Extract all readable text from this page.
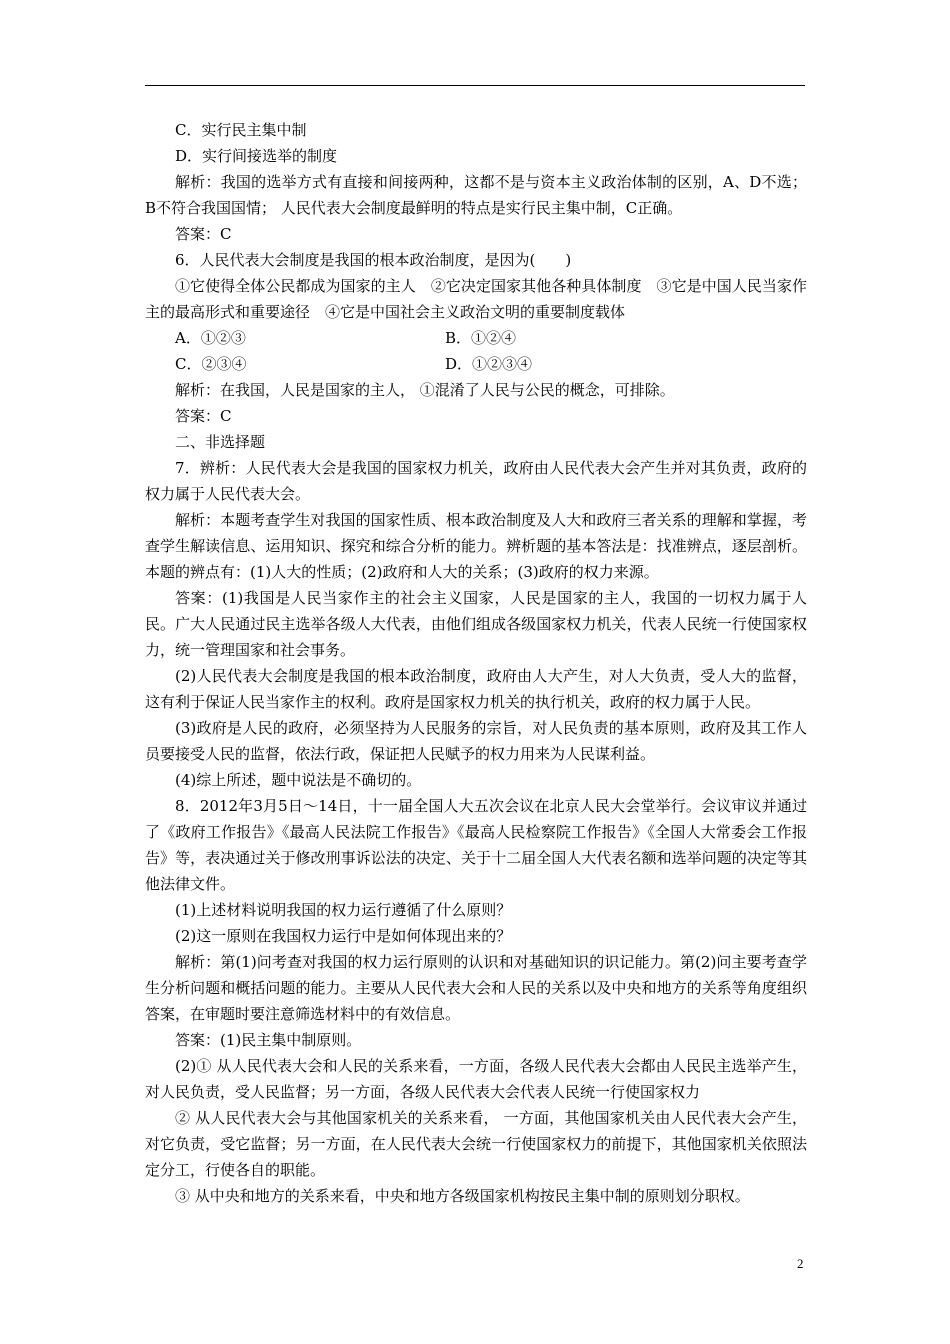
C．实行民主集中制

D．实行间接选举的制度

解析：我国的选举方式有直接和间接两种，这都不是与资本主义政治体制的区别，A、D不选；B不符合我国国情； 人民代表大会制度最鲜明的特点是实行民主集中制，C正确。

答案：C

6．人民代表大会制度是我国的根本政治制度，是因为(　　)

①它使得全体公民都成为国家的主人　②它决定国家其他各种具体制度　③它是中国人民当家作主的最高形式和重要途径　④它是中国社会主义政治文明的重要制度载体

A．①②③	B．①②④
C．②③④	D．①②③④

解析：在我国，人民是国家的主人， ①混淆了人民与公民的概念，可排除。

答案：C

二、非选择题

7．辨析：人民代表大会是我国的国家权力机关，政府由人民代表大会产生并对其负责，政府的权力属于人民代表大会。

解析：本题考查学生对我国的国家性质、根本政治制度及人大和政府三者关系的理解和掌握，考查学生解读信息、运用知识、探究和综合分析的能力。辨析题的基本答法是：找准辨点，逐层剖析。本题的辨点有：(1)人大的性质；(2)政府和人大的关系；(3)政府的权力来源。

答案：(1)我国是人民当家作主的社会主义国家，人民是国家的主人，我国的一切权力属于人民。广大人民通过民主选举各级人大代表，由他们组成各级国家权力机关，代表人民统一行使国家权力，统一管理国家和社会事务。

(2)人民代表大会制度是我国的根本政治制度，政府由人大产生，对人大负责，受人大的监督，这有利于保证人民当家作主的权利。政府是国家权力机关的执行机关，政府的权力属于人民。

(3)政府是人民的政府，必须坚持为人民服务的宗旨，对人民负责的基本原则，政府及其工作人员要接受人民的监督，依法行政，保证把人民赋予的权力用来为人民谋利益。

(4)综上所述，题中说法是不确切的。

8．2012年3月5日～14日，十一届全国人大五次会议在北京人民大会堂举行。会议审议并通过了《政府工作报告》《最高人民法院工作报告》《最高人民检察院工作报告》《全国人大常委会工作报告》等，表决通过关于修改刑事诉讼法的决定、关于十二届全国人大代表名额和选举问题的决定等其他法律文件。

(1)上述材料说明我国的权力运行遵循了什么原则？

(2)这一原则在我国权力运行中是如何体现出来的？

解析：第(1)问考查对我国的权力运行原则的认识和对基础知识的识记能力。第(2)问主要考查学生分析问题和概括问题的能力。主要从人民代表大会和人民的关系以及中央和地方的关系等角度组织答案，在审题时要注意筛选材料中的有效信息。

答案：(1)民主集中制原则。

(2)① 从人民代表大会和人民的关系来看，一方面，各级人民代表大会都由人民民主选举产生，对人民负责，受人民监督；另一方面，各级人民代表大会代表人民统一行使国家权力

② 从人民代表大会与其他国家机关的关系来看， 一方面，其他国家机关由人民代表大会产生，对它负责，受它监督；另一方面，在人民代表大会统一行使国家权力的前提下，其他国家机关依照法定分工，行使各自的职能。

③ 从中央和地方的关系来看，中央和地方各级国家机构按民主集中制的原则划分职权。

2
